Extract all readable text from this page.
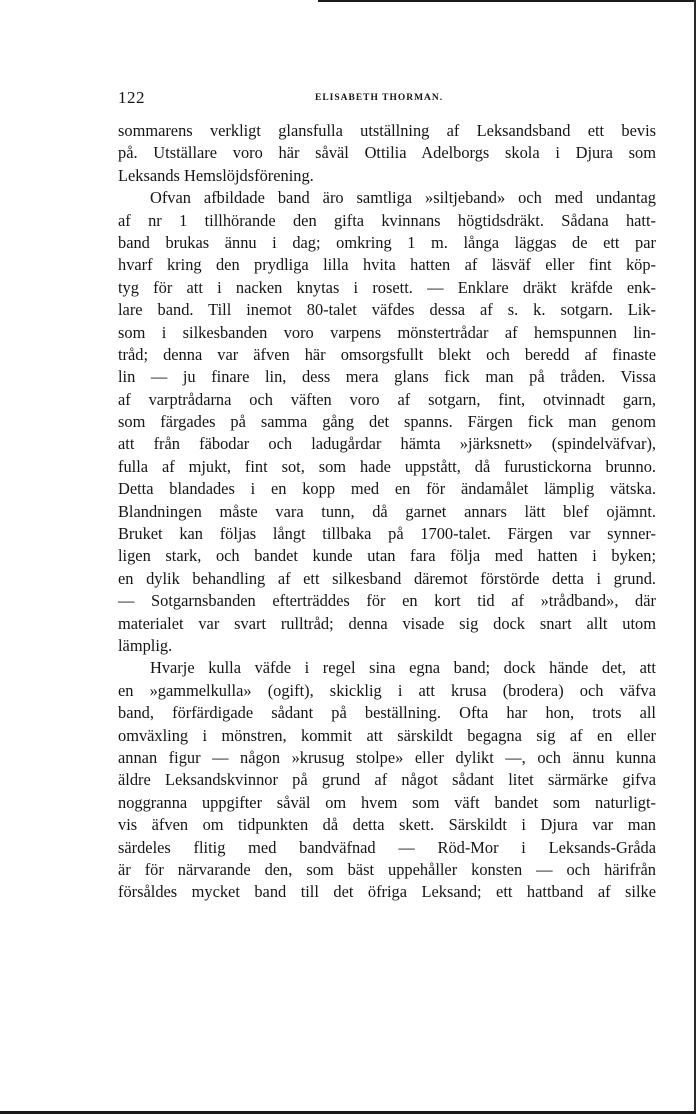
122	ELISABETH THORMAN.
sommarens verkligt glansfulla utställning af Leksandsband ett bevis
på. Utställare voro här såväl Ottilia Adelborgs skola i Djura som
Leksands Hemslöjdsförening.
Ofvan afbildade band äro samtliga »siltjeband» och med undantag
af nr 1 tillhörande den gifta kvinnans högtidsdräkt. Sådana hatt-
band brukas ännu i dag; omkring 1 m. långa läggas de ett par
hvarf kring den prydliga lilla hvita hatten af läsväf eller fint köp-
tyg för att i nacken knytas i rosett. — Enklare dräkt kräfde enk-
lare band. Till inemot 80-talet väfdes dessa af s. k. sotgarn. Lik-
som i silkesbanden voro varpens mönstertrådar af hemspunnen lin-
tråd; denna var äfven här omsorgsfullt blekt och beredd af finaste
lin — ju finare lin, dess mera glans fick man på tråden. Vissa
af varptrådarna och väften voro af sotgarn, fint, otvinnadt garn,
som färgades på samma gång det spanns. Färgen fick man genom
att från fäbodar och ladugårdar hämta »järksnett» (spindelväfvar),
fulla af mjukt, fint sot, som hade uppstått, då furustickorna brunno.
Detta blandades i en kopp med en för ändamålet lämplig vätska.
Blandningen måste vara tunn, då garnet annars lätt blef ojämnt.
Bruket kan följas långt tillbaka på 1700-talet. Färgen var synner-
ligen stark, och bandet kunde utan fara följa med hatten i byken;
en dylik behandling af ett silkesband däremot förstörde detta i grund.
— Sotgarnsbanden efterträddes för en kort tid af »trådband», där
materialet var svart rulltråd; denna visade sig dock snart allt utom
lämplig.
Hvarje kulla väfde i regel sina egna band; dock hände det, att
en »gammelkulla» (ogift), skicklig i att krusa (brodera) och väfva
band, förfärdigade sådant på beställning. Ofta har hon, trots all
omväxling i mönstren, kommit att särskildt begagna sig af en eller
annan figur — någon »krusug stolpe» eller dylikt —, och ännu kunna
äldre Leksandskvinnor på grund af något sådant litet särmärke gifva
noggranna uppgifter såväl om hvem som väft bandet som naturligt-
vis äfven om tidpunkten då detta skett. Särskildt i Djura var man
särdeles flitig med bandväfnad — Röd-Mor i Leksands-Gråda
är för närvarande den, som bäst uppehåller konsten — och härifrån
försåldes mycket band till det öfriga Leksand; ett hattband af silke
